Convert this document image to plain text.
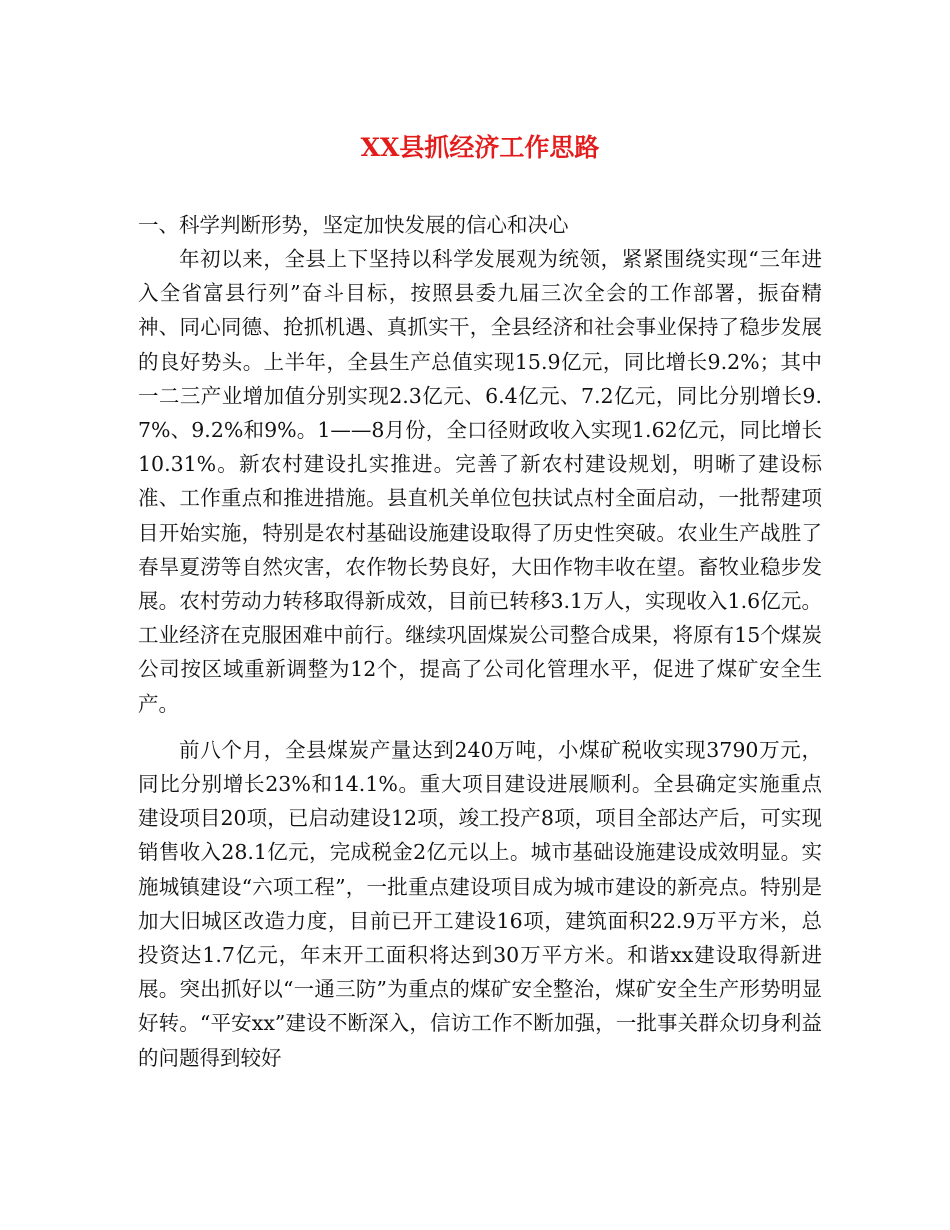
XX县抓经济工作思路
一、科学判断形势，坚定加快发展的信心和决心

年初以来，全县上下坚持以科学发展观为统领，紧紧围绕实现“三年进入全省富县行列”奋斗目标，按照县委九届三次全会的工作部署，振奋精神、同心同德、抢抓机遇、真抓实干，全县经济和社会事业保持了稳步发展的良好势头。上半年，全县生产总值实现15.9亿元，同比增长9.2%；其中一二三产业增加值分别实现2.3亿元、6.4亿元、7.2亿元，同比分别增长9.7%、9.2%和9%。1——8月份，全口径财政收入实现1.62亿元，同比增长10.31%。新农村建设扎实推进。完善了新农村建设规划，明晰了建设标准、工作重点和推进措施。县直机关单位包扶试点村全面启动，一批帮建项目开始实施，特别是农村基础设施建设取得了历史性突破。农业生产战胜了春旱夏涝等自然灾害，农作物长势良好，大田作物丰收在望。畜牧业稳步发展。农村劳动力转移取得新成效，目前已转移3.1万人，实现收入1.6亿元。工业经济在克服困难中前行。继续巩固煤炭公司整合成果，将原有15个煤炭公司按区域重新调整为12个，提高了公司化管理水平，促进了煤矿安全生产。

前八个月，全县煤炭产量达到240万吨，小煤矿税收实现3790万元，同比分别增长23%和14.1%。重大项目建设进展顺利。全县确定实施重点建设项目20项，已启动建设12项，竣工投产8项，项目全部达产后，可实现销售收入28.1亿元，完成税金2亿元以上。城市基础设施建设成效明显。实施城镇建设“六项工程”，一批重点建设项目成为城市建设的新亮点。特别是加大旧城区改造力度，目前已开工建设16项，建筑面积22.9万平方米，总投资达1.7亿元，年末开工面积将达到30万平方米。和谐xx建设取得新进展。突出抓好以“一通三防”为重点的煤矿安全整治，煤矿安全生产形势明显好转。“平安xx”建设不断深入，信访工作不断加强，一批事关群众切身利益的问题得到较好
